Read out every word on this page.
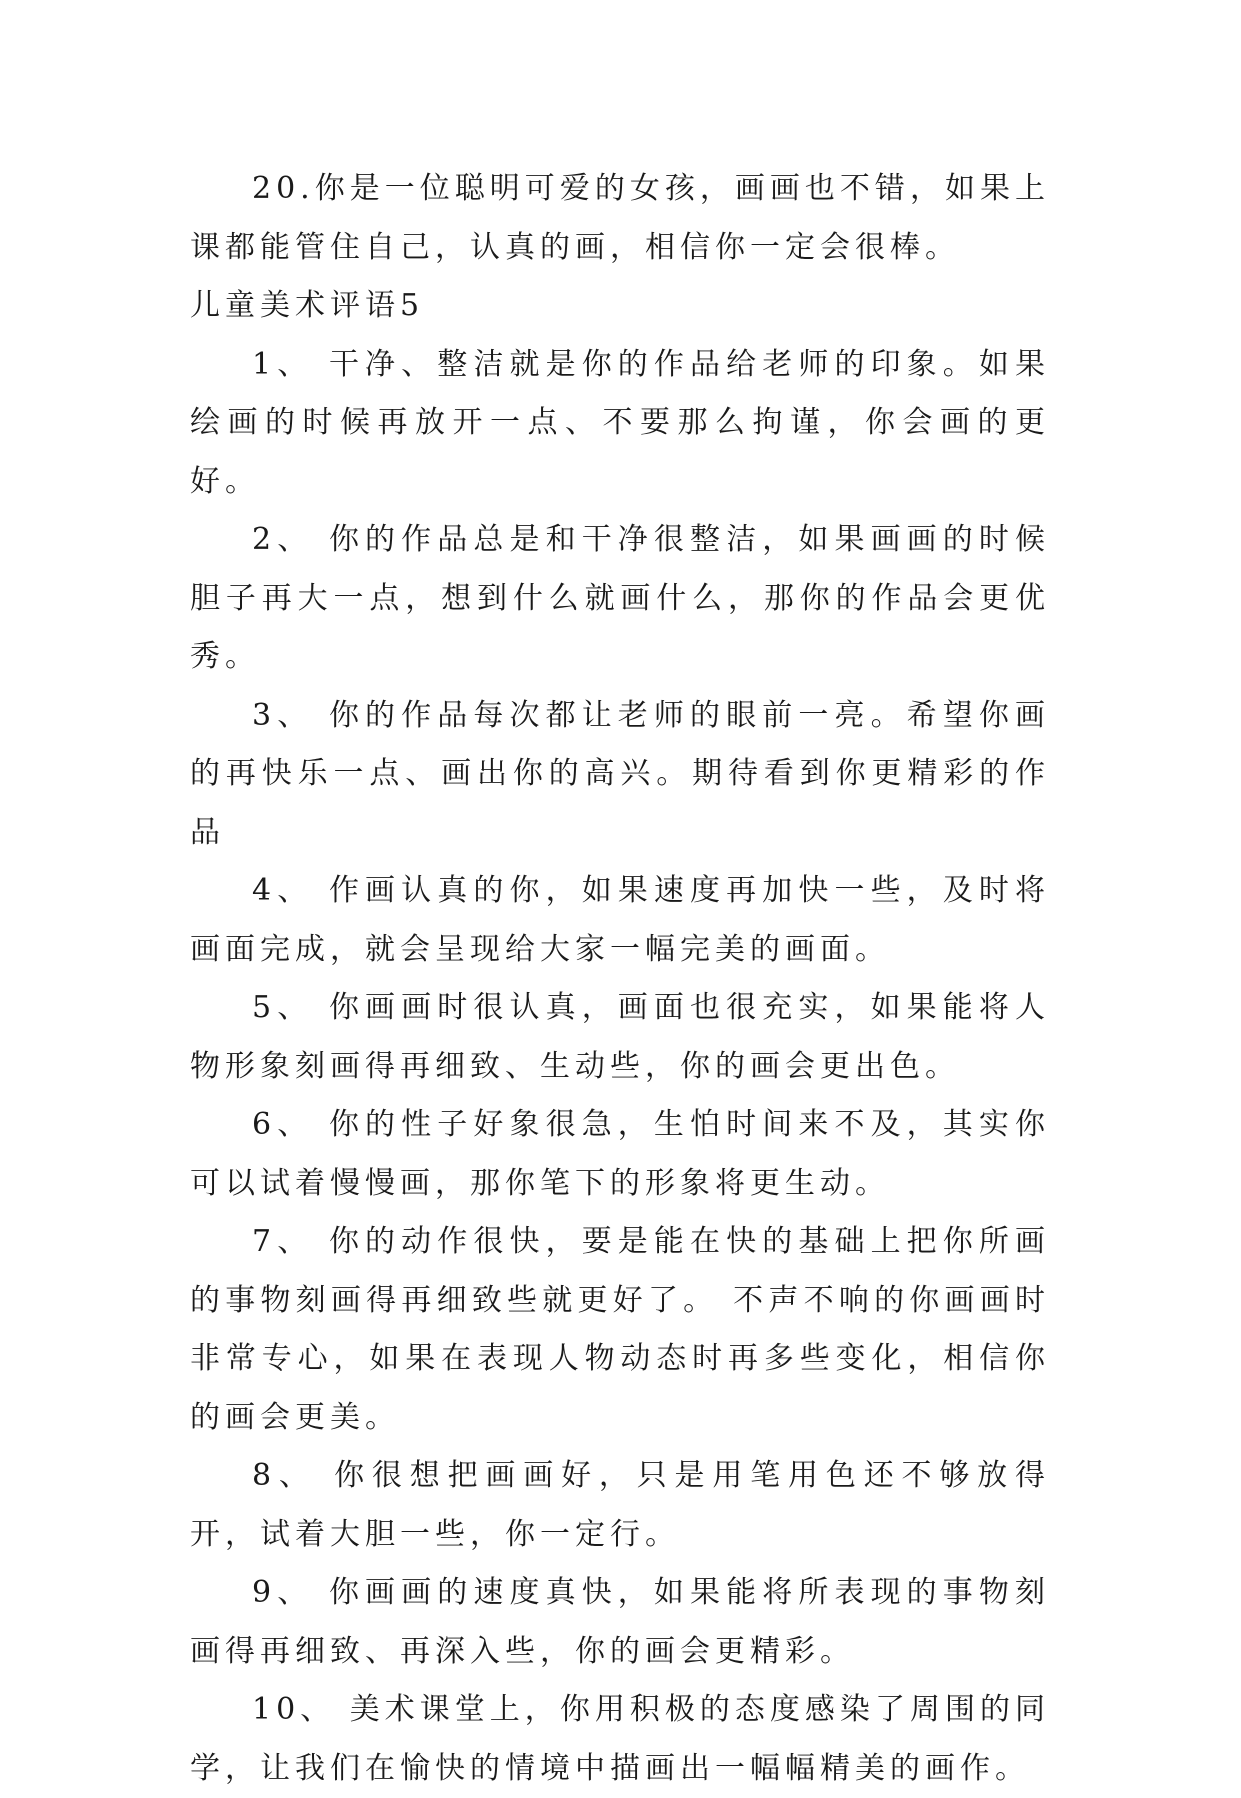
20.你是一位聪明可爱的女孩，画画也不错，如果上课都能管住自己，认真的画，相信你一定会很棒。

儿童美术评语5

1、 干净、整洁就是你的作品给老师的印象。如果绘画的时候再放开一点、不要那么拘谨，你会画的更好。

2、 你的作品总是和干净很整洁，如果画画的时候胆子再大一点，想到什么就画什么，那你的作品会更优秀。

3、 你的作品每次都让老师的眼前一亮。希望你画的再快乐一点、画出你的高兴。期待看到你更精彩的作品

4、 作画认真的你，如果速度再加快一些，及时将画面完成，就会呈现给大家一幅完美的画面。

5、 你画画时很认真，画面也很充实，如果能将人物形象刻画得再细致、生动些，你的画会更出色。

6、 你的性子好象很急，生怕时间来不及，其实你可以试着慢慢画，那你笔下的形象将更生动。

7、 你的动作很快，要是能在快的基础上把你所画的事物刻画得再细致些就更好了。 不声不响的你画画时非常专心，如果在表现人物动态时再多些变化，相信你的画会更美。

8、 你很想把画画好，只是用笔用色还不够放得开，试着大胆一些，你一定行。

9、 你画画的速度真快，如果能将所表现的事物刻画得再细致、再深入些，你的画会更精彩。

10、 美术课堂上，你用积极的态度感染了周围的同学，让我们在愉快的情境中描画出一幅幅精美的画作。
